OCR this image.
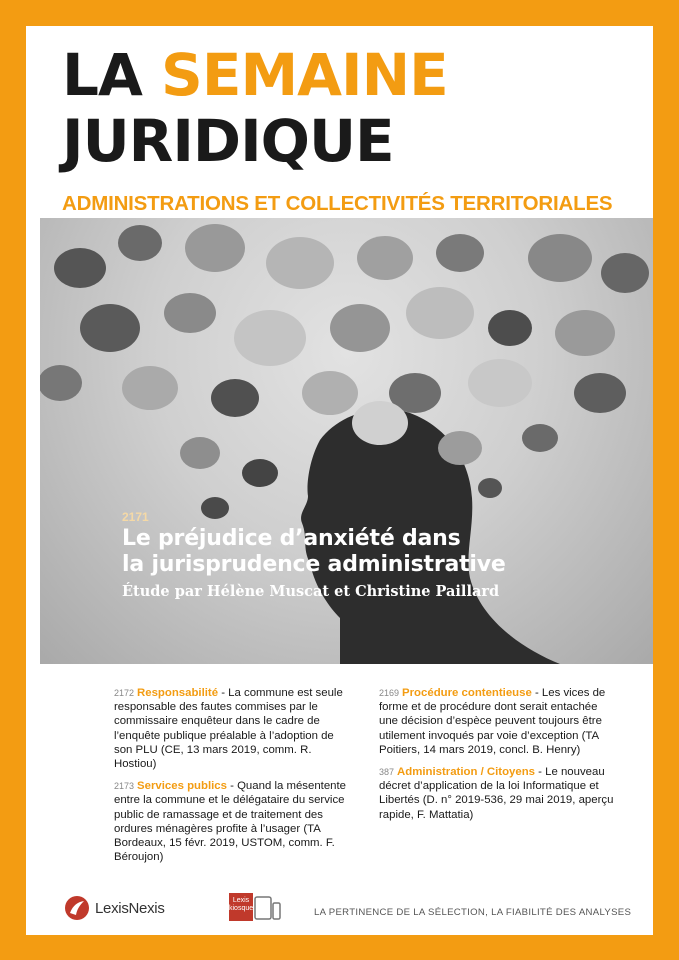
LA SEMAINE
JURIDIQUE
ADMINISTRATIONS ET COLLECTIVITÉS TERRITORIALES
2171
Le préjudice d’anxiété dans
la jurisprudence administrative
Étude par Hélène Muscat et Christine Paillard
2172 Responsabilité - La commune est seule responsable des fautes commises par le commissaire enquêteur dans le cadre de l’enquête publique préalable à l’adoption de son PLU (CE, 13 mars 2019, comm. R. Hostiou)
2173 Services publics - Quand la mésentente entre la commune et le délégataire du service public de ramassage et de traitement des ordures ménagères profite à l’usager (TA Bordeaux, 15 févr. 2019, USTOM, comm. F. Béroujon)
2169 Procédure contentieuse - Les vices de forme et de procédure dont serait entachée une décision d’espèce peuvent toujours être utilement invoqués par voie d’exception (TA Poitiers, 14 mars 2019, concl. B. Henry)
387 Administration / Citoyens - Le nouveau décret d’application de la loi Informatique et Libertés (D. n° 2019-536, 29 mai 2019, aperçu rapide, F. Mattatia)
LexisNexis	Lexis
kiosque	LA PERTINENCE DE LA SÉLECTION, LA FIABILITÉ DES ANALYSES
